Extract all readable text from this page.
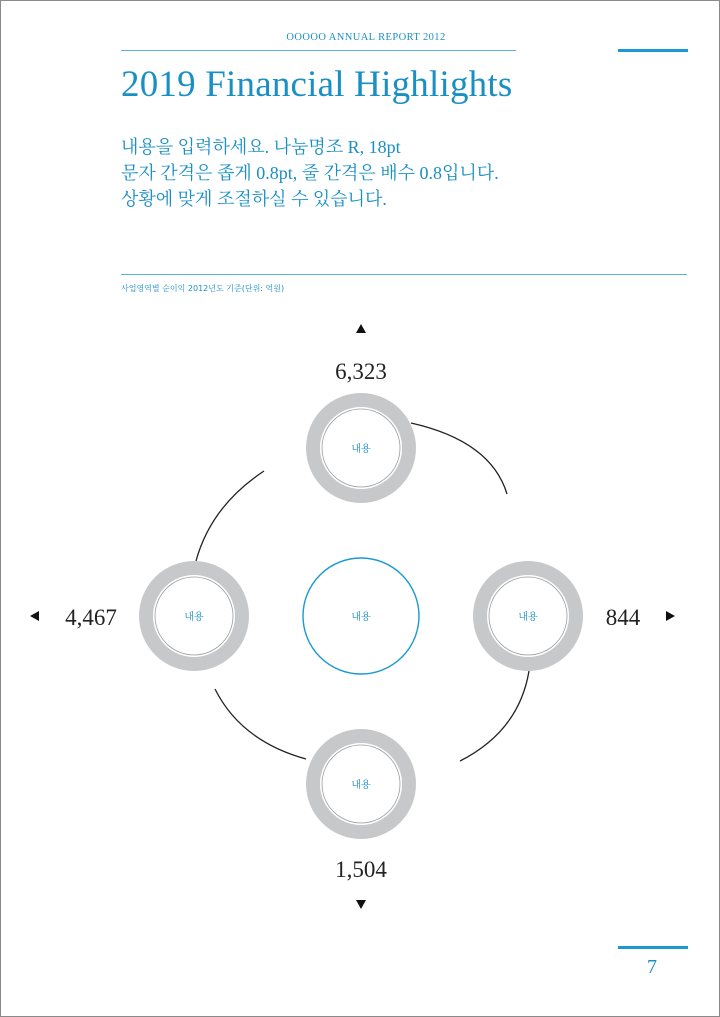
OOOOO ANNUAL REPORT 2012
2019 Financial Highlights
내용을 입력하세요. 나눔명조 R, 18pt
문자 간격은 좁게 0.8pt, 줄 간격은 배수 0.8입니다.
상황에 맞게 조절하실 수 있습니다.
사업영역별 순이익 2012년도 기준(단위: 억원)
내용
내용
내용
내용	내용
6,323
844
1,504
4,467
7
